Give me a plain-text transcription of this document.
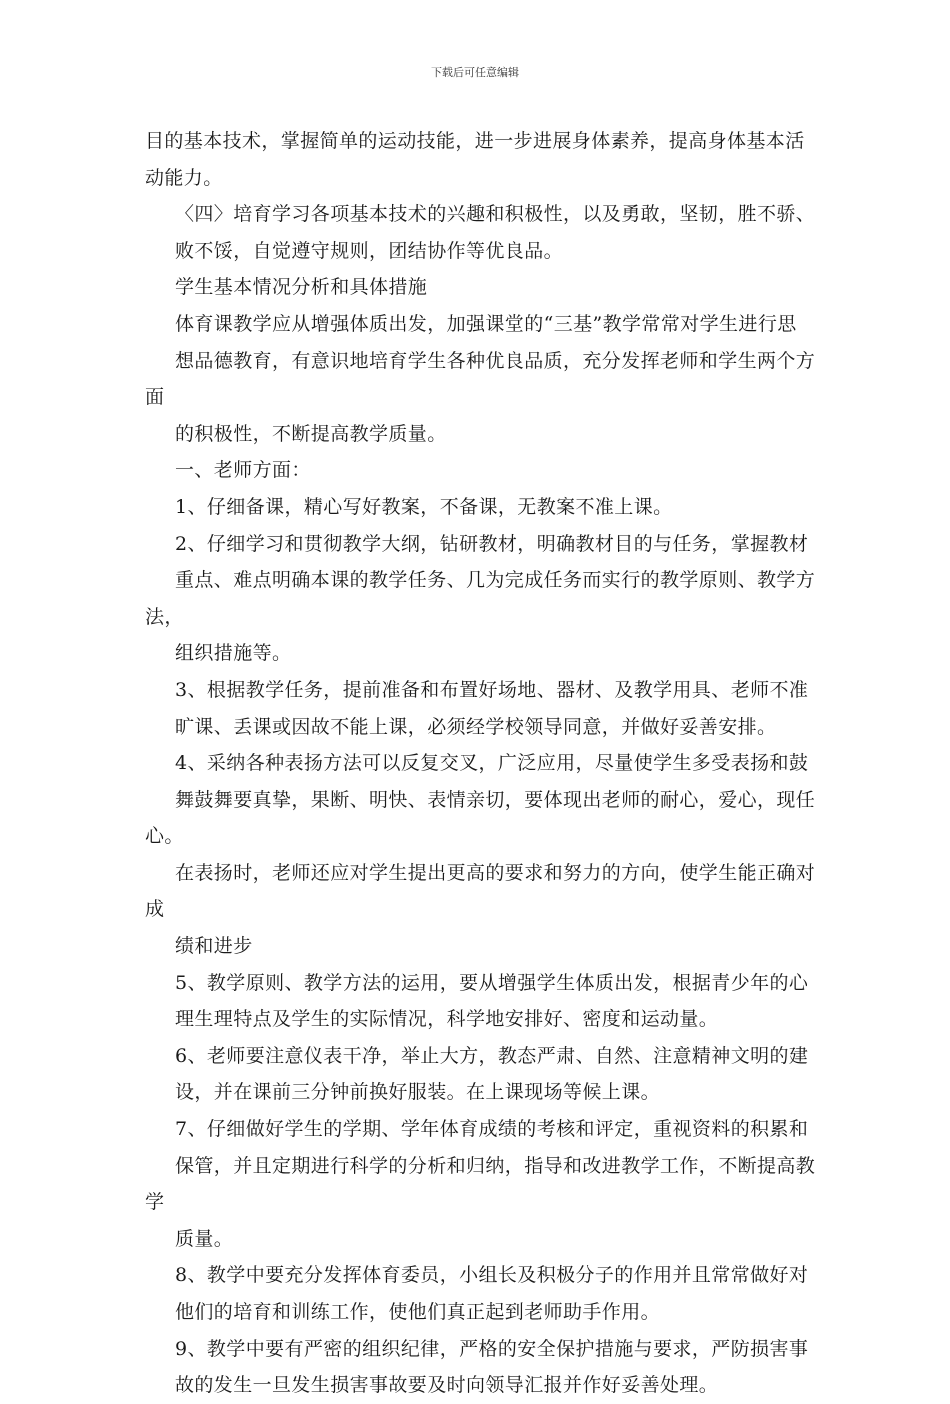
下载后可任意编辑

目的基本技术，掌握简单的运动技能，进一步进展身体素养，提高身体基本活
动能力。

〈四〉培育学习各项基本技术的兴趣和积极性，以及勇敢，坚韧，胜不骄、
败不馁，自觉遵守规则，团结协作等优良品。

学生基本情况分析和具体措施

体育课教学应从增强体质出发，加强课堂的“三基”教学常常对学生进行思
想品德教育，有意识地培育学生各种优良品质，充分发挥老师和学生两个方面
的积极性，不断提高教学质量。

一、老师方面：

1、仔细备课，精心写好教案，不备课，无教案不准上课。

2、仔细学习和贯彻教学大纲，钻研教材，明确教材目的与任务，掌握教材
重点、难点明确本课的教学任务、几为完成任务而实行的教学原则、教学方法，
组织措施等。

3、根据教学任务，提前准备和布置好场地、器材、及教学用具、老师不准
旷课、丢课或因故不能上课，必须经学校领导同意，并做好妥善安排。

4、采纳各种表扬方法可以反复交叉，广泛应用，尽量使学生多受表扬和鼓
舞鼓舞要真挚，果断、明快、表情亲切，要体现出老师的耐心，爱心，现任心。
在表扬时，老师还应对学生提出更高的要求和努力的方向，使学生能正确对成
绩和进步

5、教学原则、教学方法的运用，要从增强学生体质出发，根据青少年的心
理生理特点及学生的实际情况，科学地安排好、密度和运动量。

6、老师要注意仪表干净，举止大方，教态严肃、自然、注意精神文明的建
设，并在课前三分钟前换好服装。在上课现场等候上课。

7、仔细做好学生的学期、学年体育成绩的考核和评定，重视资料的积累和
保管，并且定期进行科学的分析和归纳，指导和改进教学工作，不断提高教学
质量。

8、教学中要充分发挥体育委员，小组长及积极分子的作用并且常常做好对
他们的培育和训练工作，使他们真正起到老师助手作用。

9、教学中要有严密的组织纪律，严格的安全保护措施与要求，严防损害事
故的发生一旦发生损害事故要及时向领导汇报并作好妥善处理。
